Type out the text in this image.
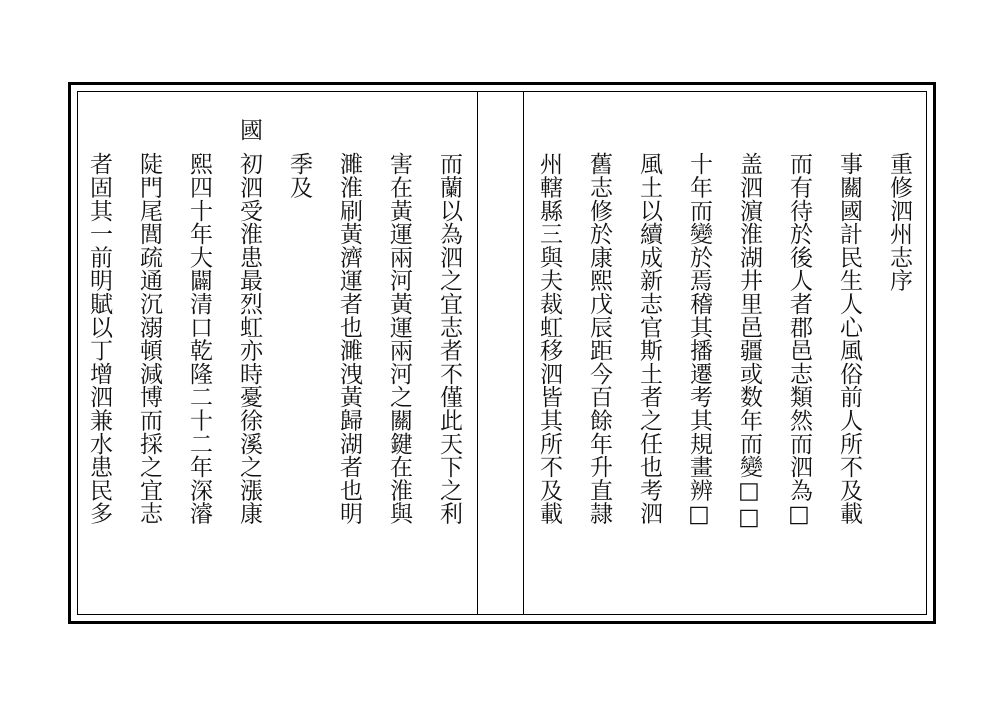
重修泗州志序
事關國計民生人心風俗前人所不及載
而有待於後人者郡邑志類然而泗為□
盖泗濵淮湖井里邑疆或数年而變□□
十年而變於焉稽其播遷考其規畫辨□
風土以續成新志官斯土者之任也考泗
舊志修於康熙戊辰距今百餘年升直隷
州轄縣三與夫裁虹移泗皆其所不及載
而蘭以為泗之宜志者不僅此天下之利
害在黃運兩河黃運兩河之關鍵在淮與
濉淮刷黃濟運者也濉洩黃歸湖者也明
季及
國
初泗受淮患最烈虹亦時憂徐溪之漲康
熙四十年大闢清口乾隆二十二年深濬
陡門尾閭疏通沉溺頓減博而採之宜志
者固其一前明賦以丁增泗兼水患民多
